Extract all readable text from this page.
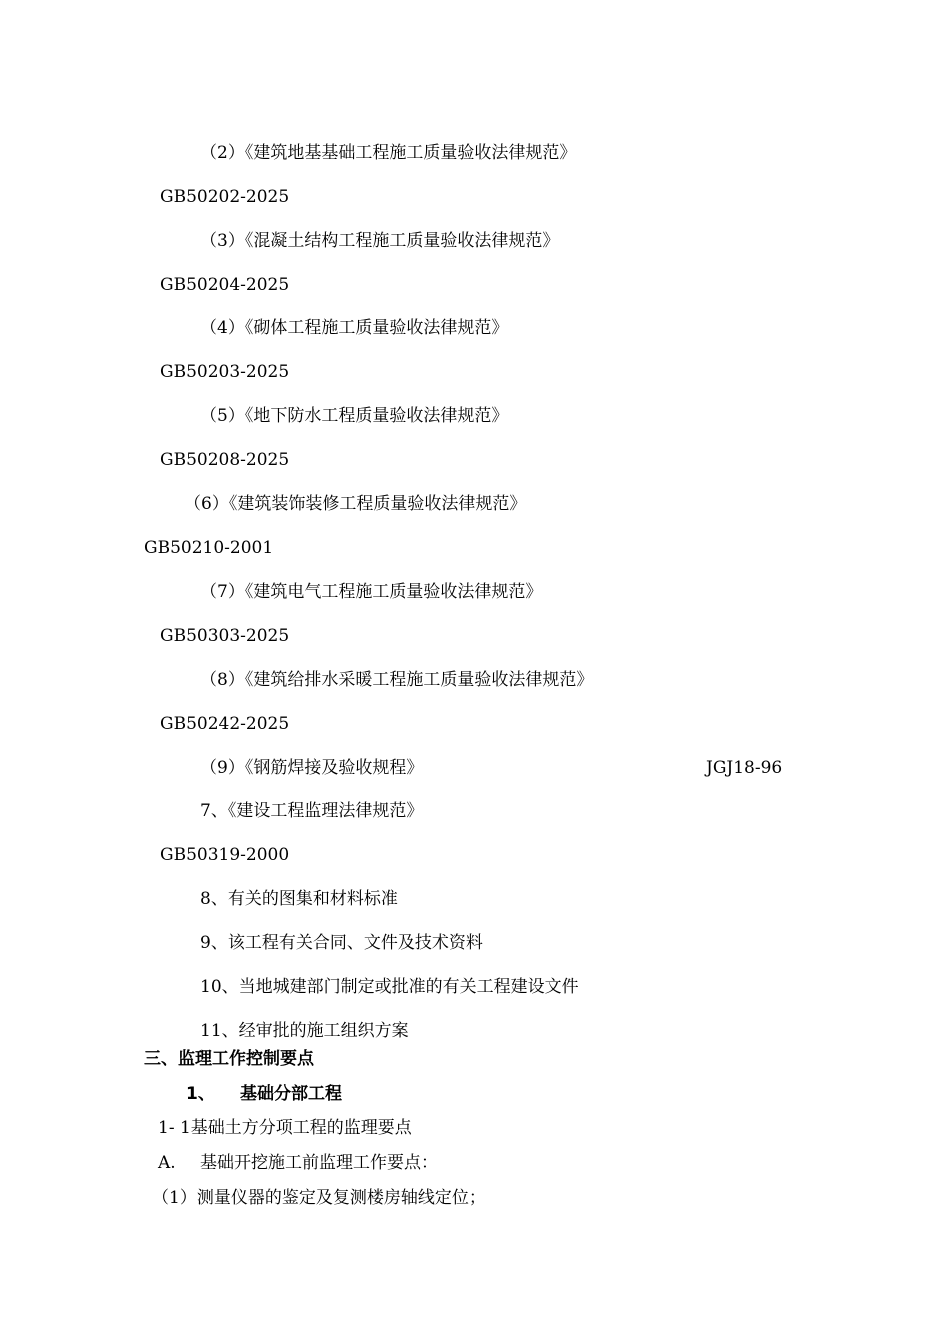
（2）《建筑地基基础工程施工质量验收法律规范》
GB50202-2025
（3）《混凝土结构工程施工质量验收法律规范》
GB50204-2025
（4）《砌体工程施工质量验收法律规范》
GB50203-2025
（5）《地下防水工程质量验收法律规范》
GB50208-2025
（6）《建筑装饰装修工程质量验收法律规范》
GB50210-2001
（7）《建筑电气工程施工质量验收法律规范》
GB50303-2025
（8）《建筑给排水采暖工程施工质量验收法律规范》
GB50242-2025
（9）《钢筋焊接及验收规程》	JGJ18-96
7、《建设工程监理法律规范》
GB50319-2000
8、有关的图集和材料标准
9、该工程有关合同、文件及技术资料
10、当地城建部门制定或批准的有关工程建设文件
11、经审批的施工组织方案
三、监理工作控制要点
1、 基础分部工程
1- 1基础土方分项工程的监理要点
A. 基础开挖施工前监理工作要点：
（1）测量仪器的鉴定及复测楼房轴线定位；
